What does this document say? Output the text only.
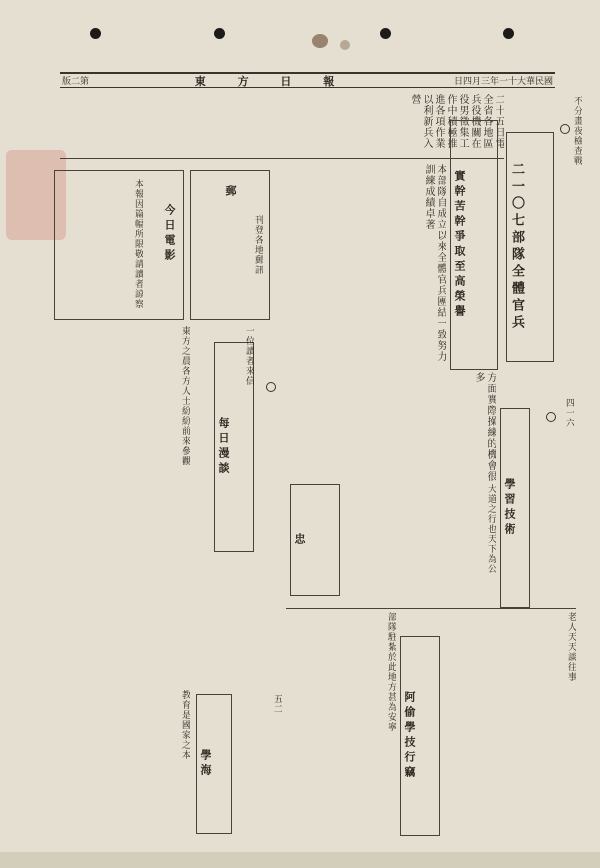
版二第	東 方 日 報	日四月三年一十大華民國
二一〇七部隊全體官兵
不分畫夜檢查戰
二十五日電全省各地區兵役機關在役男徵集工作中積極推進各項作業以利新兵入營
今日電影
本報因篇幅所限敬請讀者諒察	郵
刊登各地郵訊	本部隊自成立以來全體官兵團結一致努力訓練成績卓著	實幹苦幹爭取至高榮譽
東方之晨各方人士紛紛前來參觀 每日漫談
一位讀者來信
方面實際操練的機會很多
學習技術
四一六
忠	大道之行也天下為公
部隊駐紮於此地方甚為安寧
阿偷學技行竊
老人天天談往事
教育是國家之本
學海
五二
